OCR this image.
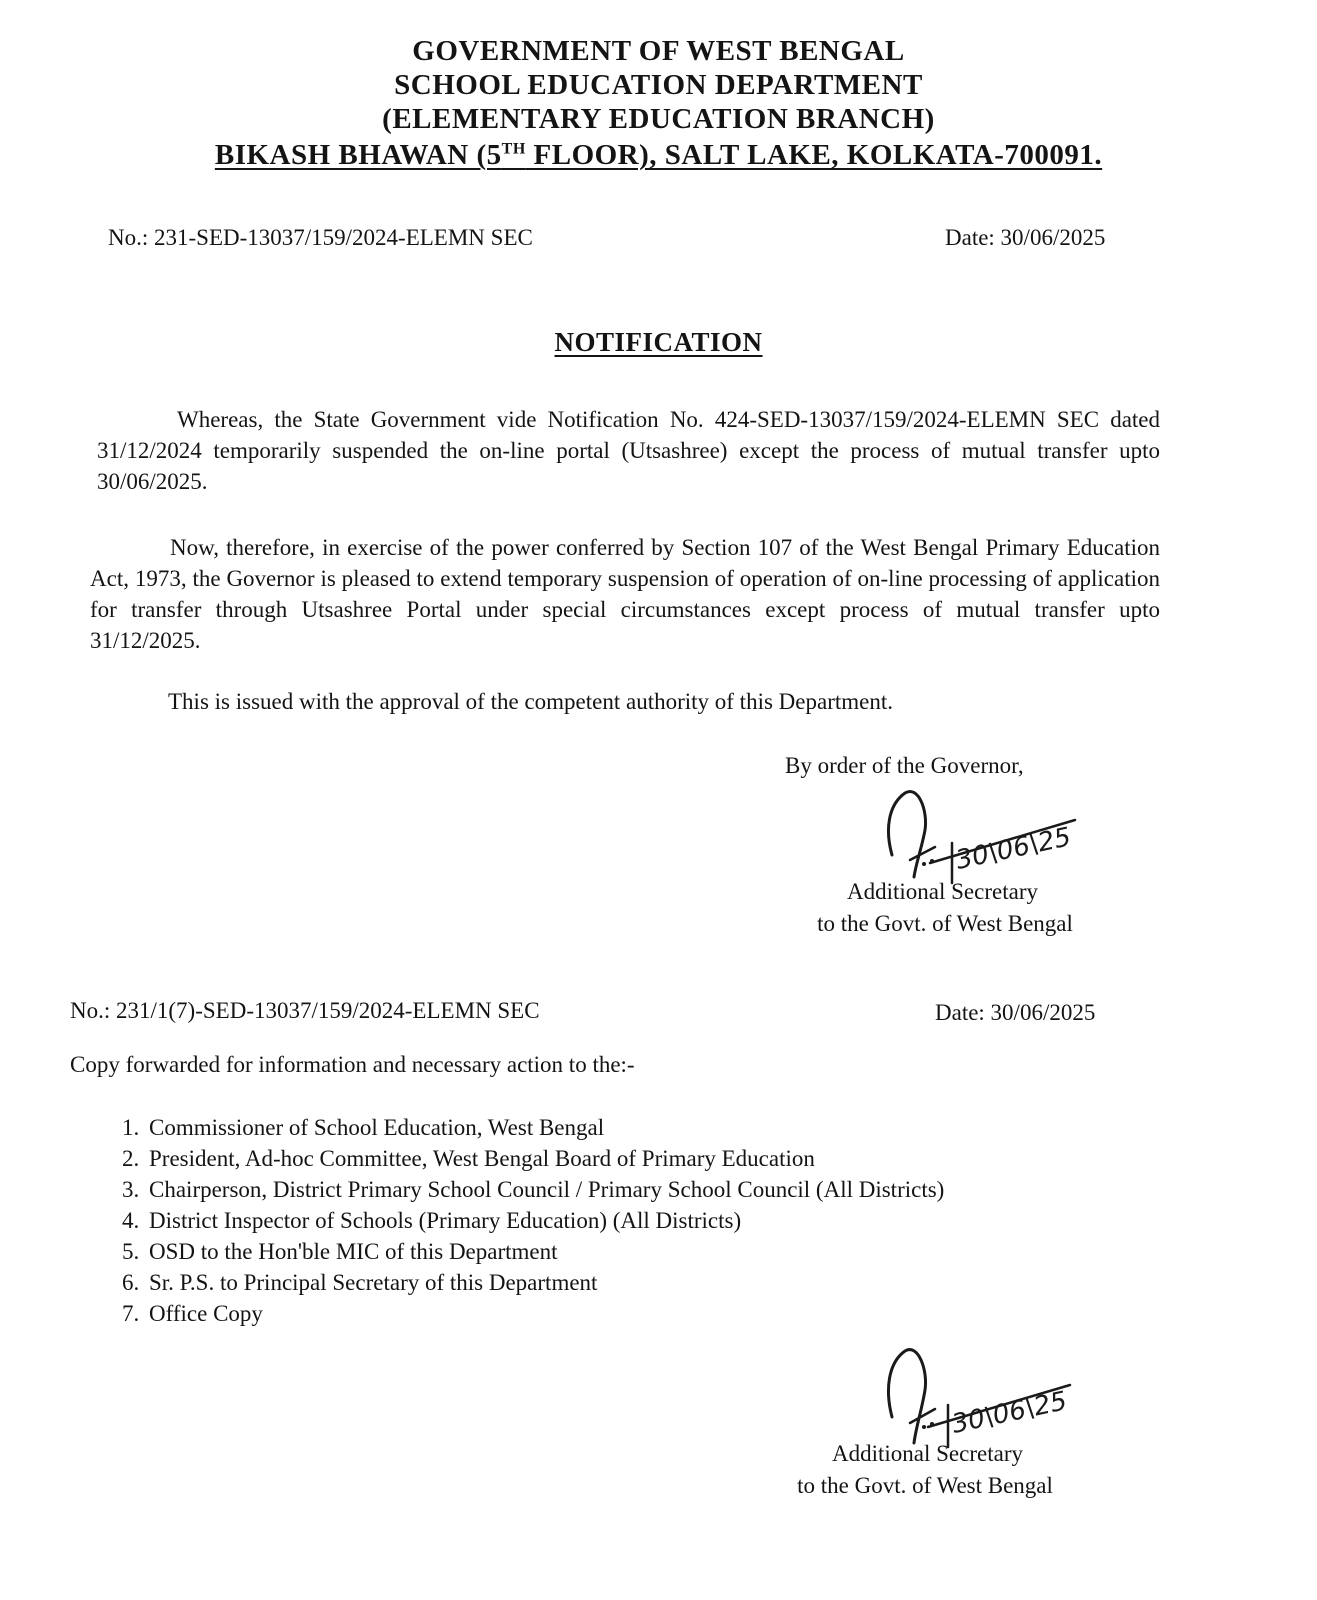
GOVERNMENT OF WEST BENGAL
SCHOOL EDUCATION DEPARTMENT
(ELEMENTARY EDUCATION BRANCH)
BIKASH BHAWAN (5TH FLOOR), SALT LAKE, KOLKATA-700091.
No.: 231-SED-13037/159/2024-ELEMN SEC	Date: 30/06/2025
NOTIFICATION
Whereas, the State Government vide Notification No. 424-SED-13037/159/2024-ELEMN SEC dated 31/12/2024 temporarily suspended the on-line portal (Utsashree) except the process of mutual transfer upto 30/06/2025.
Now, therefore, in exercise of the power conferred by Section 107 of the West Bengal Primary Education Act, 1973, the Governor is pleased to extend temporary suspension of operation of on-line processing of application for transfer through Utsashree Portal under special circumstances except process of mutual transfer upto 31/12/2025.
This is issued with the approval of the competent authority of this Department.
By order of the Governor,
30\06\25
Additional Secretary
to the Govt. of West Bengal
No.: 231/1(7)-SED-13037/159/2024-ELEMN SEC	Date: 30/06/2025
Copy forwarded for information and necessary action to the:-
1. Commissioner of School Education, West Bengal
2. President, Ad-hoc Committee, West Bengal Board of Primary Education
3. Chairperson, District Primary School Council / Primary School Council (All Districts)
4. District Inspector of Schools (Primary Education) (All Districts)
5. OSD to the Hon'ble MIC of this Department
6. Sr. P.S. to Principal Secretary of this Department
7. Office Copy
30\06\25
Additional Secretary
to the Govt. of West Bengal
